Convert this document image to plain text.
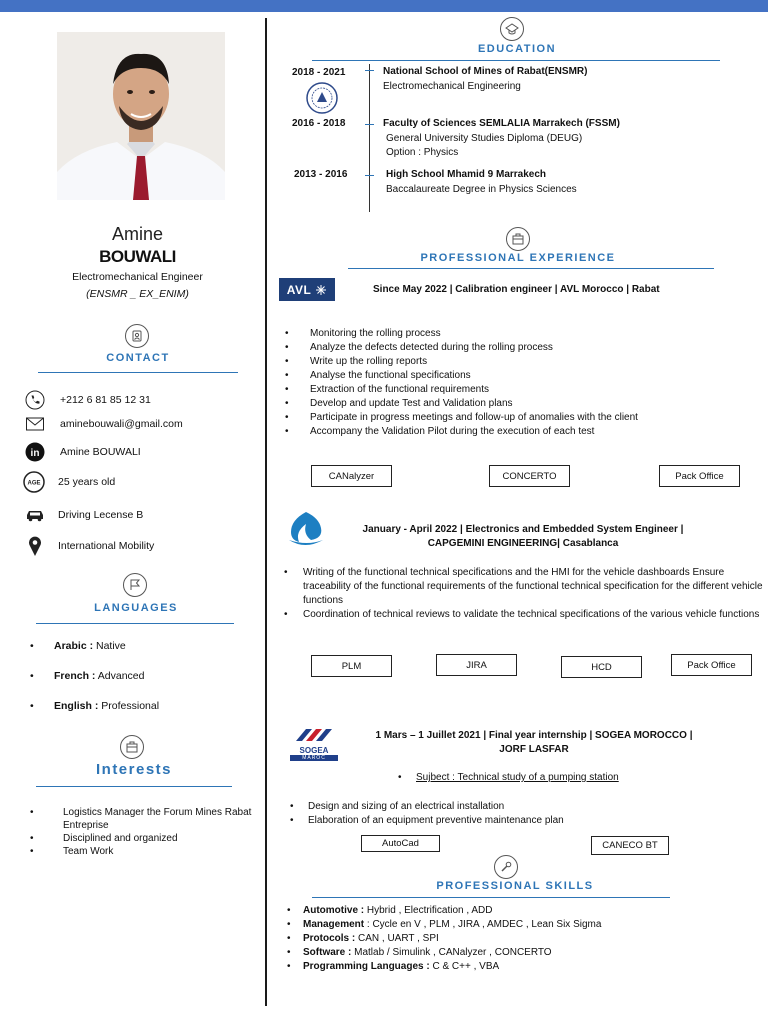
Amine
BOUWALI
Electromechanical Engineer
(ENSMR _ EX_ENIM)
CONTACT
+212 6 81 85 12 31
aminebouwali@gmail.com
in Amine BOUWALI
AGE 25 years old
Driving Lecense B
International Mobility
LANGUAGES
•	Arabic : Native
•	French : Advanced
•	English : Professional
Interests
•	Logistics Manager the Forum Mines Rabat Entreprise
•	Disciplined and organized
•	Team Work
EDUCATION
2018 - 2021	National School of Mines of Rabat(ENSMR)
Electromechanical Engineering
2016 - 2018	Faculty of Sciences SEMLALIA Marrakech (FSSM)
General University Studies Diploma (DEUG)
Option : Physics
2013 - 2016	High School Mhamid 9 Marrakech
Baccalaureate Degree in Physics Sciences
PROFESSIONAL EXPERIENCE
AVL	Since May 2022 | Calibration engineer | AVL Morocco | Rabat
•	Monitoring the rolling process
•	Analyze the defects detected during the rolling process
•	Write up the rolling reports
•	Analyse the functional specifications
•	Extraction of the functional requirements
•	Develop and update Test and Validation plans
•	Participate in progress meetings and follow-up of anomalies with the client
•	Accompany the Validation Pilot during the execution of each test
CANalyzer	CONCERTO	Pack Office
January - April 2022 | Electronics and Embedded System Engineer |
CAPGEMINI ENGINEERING| Casablanca
•	Writing of the functional technical specifications and the HMI for the vehicle dashboards Ensure traceability of the functional requirements of the functional technical specification for the different vehicle functions
•	Coordination of technical reviews to validate the technical specifications of the various vehicle functions
PLM	JIRA	HCD	Pack Office
SOGEA
MAROC
1 Mars – 1 Juillet 2021 | Final year internship | SOGEA MOROCCO |
JORF LASFAR
• Sujbect : Technical study of a pumping station
•	Design and sizing of an electrical installation
•	Elaboration of an equipment preventive maintenance plan
AutoCad	CANECO BT
PROFESSIONAL SKILLS
•	Automotive : Hybrid , Electrification , ADD
•	Management : Cycle en V , PLM , JIRA , AMDEC , Lean Six Sigma
•	Protocols : CAN , UART , SPI
•	Software : Matlab / Simulink , CANalyzer , CONCERTO
•	Programming Languages : C & C++ , VBA
